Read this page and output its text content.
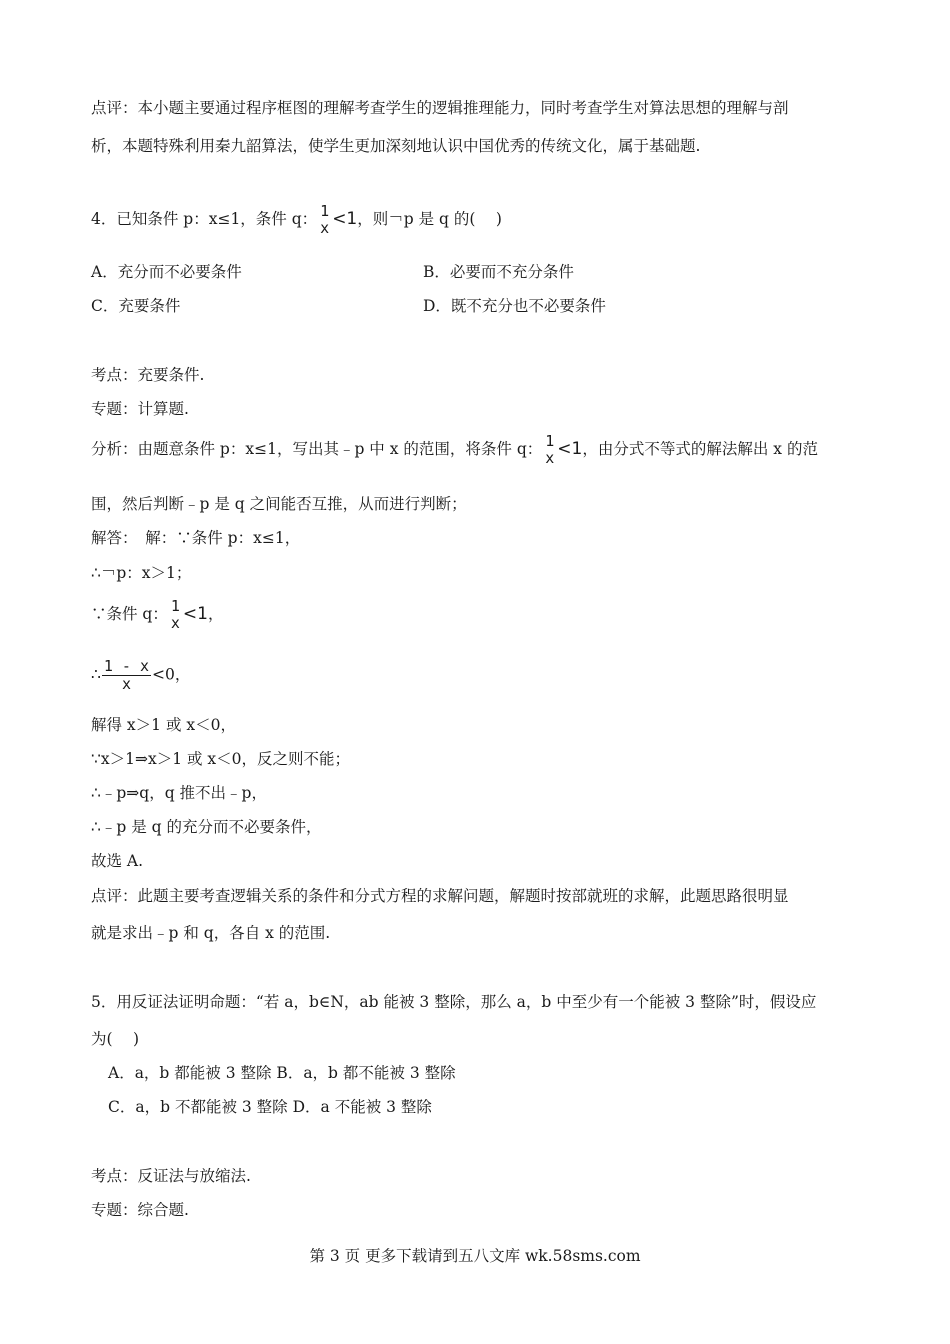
点评：本小题主要通过程序框图的理解考查学生的逻辑推理能力，同时考查学生对算法思想的理解与剖
析，本题特殊利用秦九韶算法，使学生更加深刻地认识中国优秀的传统文化，属于基础题.
4．已知条件 p：x≤1，条件 q： 1
x <1，则￢p 是 q 的(　 )
A．充分而不必要条件	B．必要而不充分条件
C．充要条件	D．既不充分也不必要条件
考点：充要条件.
专题：计算题.
分析：由题意条件 p：x≤1，写出其﹣p 中 x 的范围，将条件 q： 1
x <1，由分式不等式的解法解出 x 的范
围，然后判断﹣p 是 q 之间能否互推，从而进行判断；
解答：　解：∵条件 p：x≤1，
∴￢p：x＞1；
∵条件 q： 1
x <1，
∴ $\frac{1 - x}{x} <0$，
解得 x＞1 或 x＜0，
∵x＞1⇒x＞1 或 x＜0，反之则不能；
∴﹣p⇒q，q 推不出﹣p，
∴﹣p 是 q 的充分而不必要条件，
故选 A.
点评：此题主要考查逻辑关系的条件和分式方程的求解问题，解题时按部就班的求解，此题思路很明显
就是求出﹣p 和 q，各自 x 的范围.
5．用反证法证明命题：“若 a，b∈N，ab 能被 3 整除，那么 a，b 中至少有一个能被 3 整除”时，假设应
为(　 )
A．a，b 都能被 3 整除 B．a，b 都不能被 3 整除
C．a，b 不都能被 3 整除 D．a 不能被 3 整除
考点：反证法与放缩法.
专题：综合题.
第 3 页 更多下载请到五八文库 wk.58sms.com
